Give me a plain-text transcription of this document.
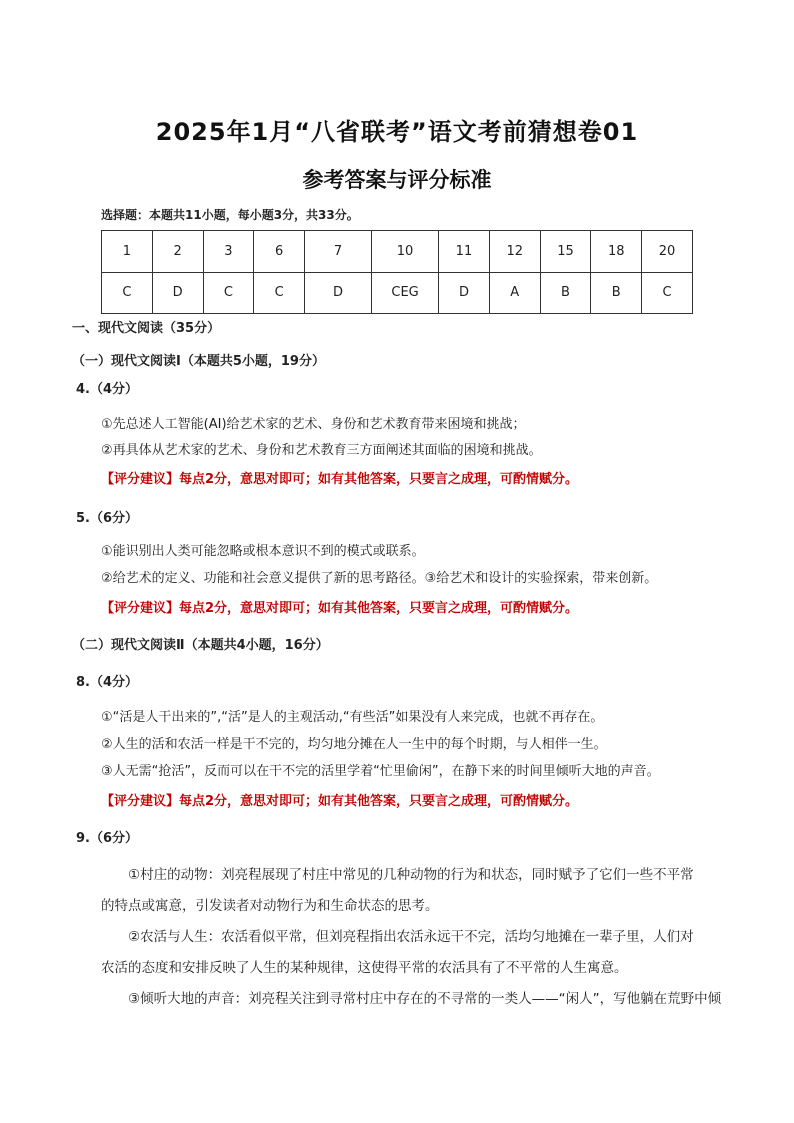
2025年1月“八省联考”语文考前猜想卷01
参考答案与评分标准
选择题：本题共11小题，每小题3分，共33分。
1	2	3	6	7	10	11	12	15	18	20
C	D	C	C	D	CEG	D	A	B	B	C
一、现代文阅读（35分）
（一）现代文阅读Ⅰ（本题共5小题，19分）
4.（4分）
①先总述人工智能(AI)给艺术家的艺术、身份和艺术教育带来困境和挑战；
②再具体从艺术家的艺术、身份和艺术教育三方面阐述其面临的困境和挑战。
【评分建议】每点2分，意思对即可；如有其他答案，只要言之成理，可酌情赋分。
5.（6分）
①能识别出人类可能忽略或根本意识不到的模式或联系。
②给艺术的定义、功能和社会意义提供了新的思考路径。③给艺术和设计的实验探索，带来创新。
【评分建议】每点2分，意思对即可；如有其他答案，只要言之成理，可酌情赋分。
（二）现代文阅读Ⅱ（本题共4小题，16分）
8.（4分）
①“活是人干出来的”,“活”是人的主观活动,“有些活”如果没有人来完成，也就不再存在。
②人生的活和农活一样是干不完的，均匀地分摊在人一生中的每个时期，与人相伴一生。
③人无需“抢活”，反而可以在干不完的活里学着“忙里偷闲”，在静下来的时间里倾听大地的声音。
【评分建议】每点2分，意思对即可；如有其他答案，只要言之成理，可酌情赋分。
9.（6分）

①村庄的动物：刘亮程展现了村庄中常见的几种动物的行为和状态，同时赋予了它们一些不平常的特点或寓意，引发读者对动物行为和生命状态的思考。

②农活与人生：农活看似平常，但刘亮程指出农活永远干不完，活均匀地摊在一辈子里，人们对农活的态度和安排反映了人生的某种规律，这使得平常的农活具有了不平常的人生寓意。

③倾听大地的声音：刘亮程关注到寻常村庄中存在的不寻常的一类人——“闲人”，写他躺在荒野中倾
